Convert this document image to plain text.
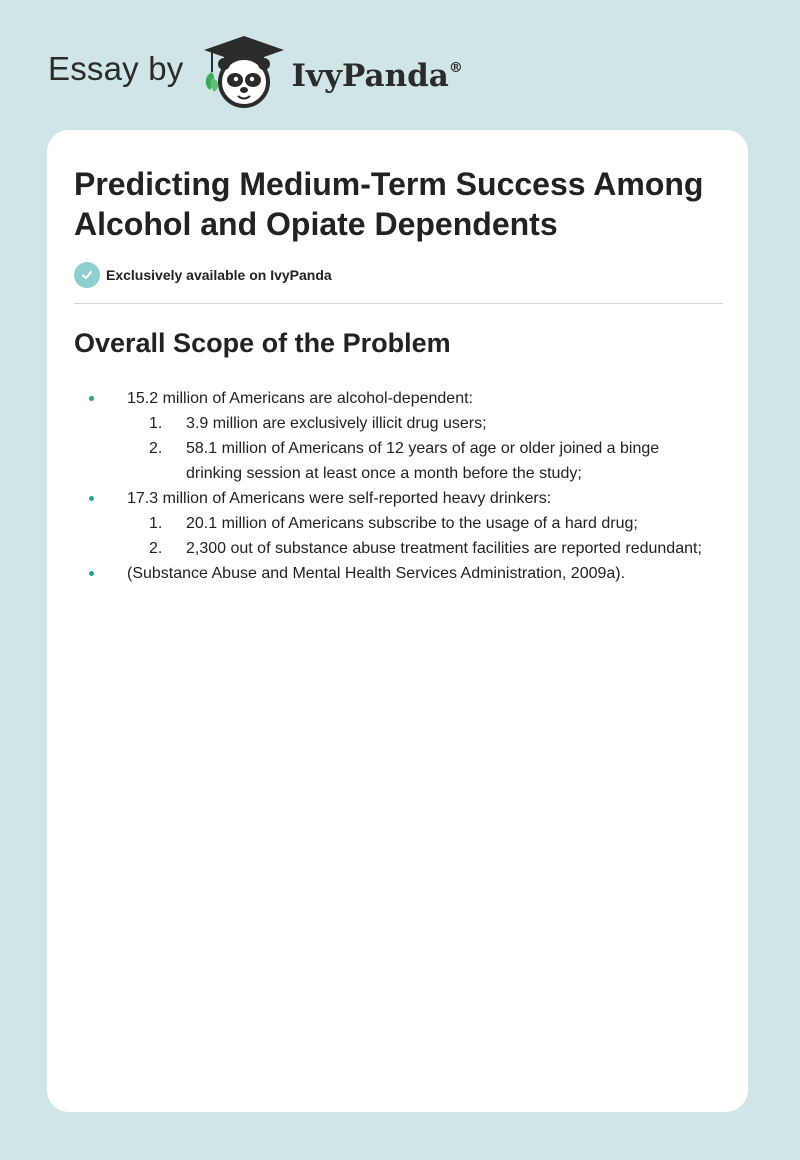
Essay by	IvyPanda®
Predicting Medium-Term Success Among Alcohol and Opiate Dependents
Exclusively available on IvyPanda
Overall Scope of the Problem
15.2 million of Americans are alcohol-dependent:
1. 3.9 million are exclusively illicit drug users;
2. 58.1 million of Americans of 12 years of age or older joined a binge drinking session at least once a month before the study;
17.3 million of Americans were self-reported heavy drinkers:
1. 20.1 million of Americans subscribe to the usage of a hard drug;
2. 2,300 out of substance abuse treatment facilities are reported redundant;
(Substance Abuse and Mental Health Services Administration, 2009a).
